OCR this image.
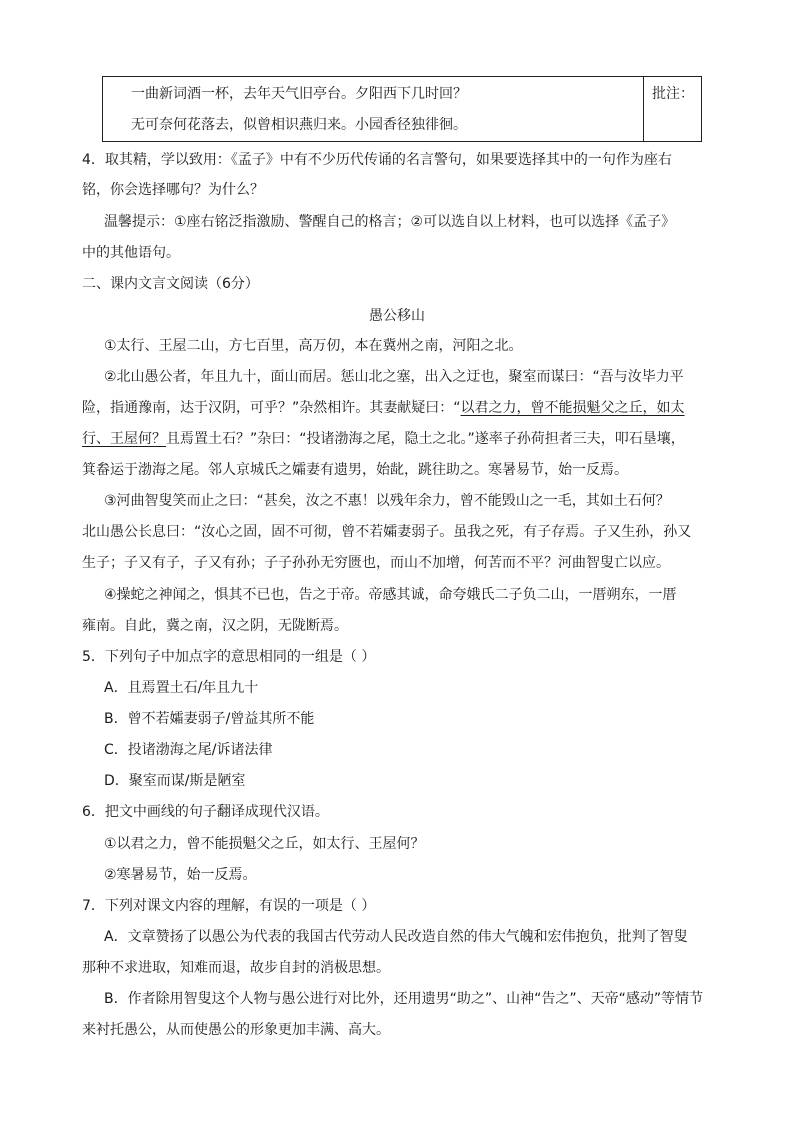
一曲新词酒一杯，去年天气旧亭台。夕阳西下几时回？
无可奈何花落去，似曾相识燕归来。小园香径独徘徊。

批注：
4．取其精，学以致用：《孟子》中有不少历代传诵的名言警句，如果要选择其中的一句作为座右
铭，你会选择哪句？为什么？
温馨提示：①座右铭泛指激励、警醒自己的格言；②可以选自以上材料，也可以选择《孟子》
中的其他语句。
二、课内文言文阅读（6分）
愚公移山
①太行、王屋二山，方七百里，高万仞，本在冀州之南，河阳之北。
②北山愚公者，年且九十，面山而居。惩山北之塞，出入之迂也，聚室而谋曰：“吾与汝毕力平
险，指通豫南，达于汉阴，可乎？”杂然相许。其妻献疑曰：“以君之力，曾不能损魁父之丘，如太
行、王屋何？且焉置土石？”杂曰：“投诸渤海之尾，隐土之北。”遂率子孙荷担者三夫，叩石垦壤，
箕畚运于渤海之尾。邻人京城氏之孀妻有遗男，始龀，跳往助之。寒暑易节，始一反焉。
③河曲智叟笑而止之曰：“甚矣，汝之不惠！以残年余力，曾不能毁山之一毛，其如土石何？
北山愚公长息曰：“汝心之固，固不可彻，曾不若孀妻弱子。虽我之死，有子存焉。子又生孙，孙又
生子；子又有子，子又有孙；子子孙孙无穷匮也，而山不加增，何苦而不平？河曲智叟亡以应。
④操蛇之神闻之，惧其不已也，告之于帝。帝感其诚，命夸娥氏二子负二山，一厝朔东，一厝
雍南。自此，冀之南，汉之阴，无陇断焉。
5．下列句子中加点字的意思相同的一组是（ ）
A．且焉置土石/年且九十
B．曾不若孀妻弱子/曾益其所不能
C．投诸渤海之尾/诉诸法律
D．聚室而谋/斯是陋室
6．把文中画线的句子翻译成现代汉语。
①以君之力，曾不能损魁父之丘，如太行、王屋何？
②寒暑易节，始一反焉。
7．下列对课文内容的理解，有误的一项是（ ）
A．文章赞扬了以愚公为代表的我国古代劳动人民改造自然的伟大气魄和宏伟抱负，批判了智叟
那种不求进取，知难而退，故步自封的消极思想。
B．作者除用智叟这个人物与愚公进行对比外，还用遗男“助之”、山神“告之”、天帝“感动”等情节
来衬托愚公，从而使愚公的形象更加丰满、高大。
